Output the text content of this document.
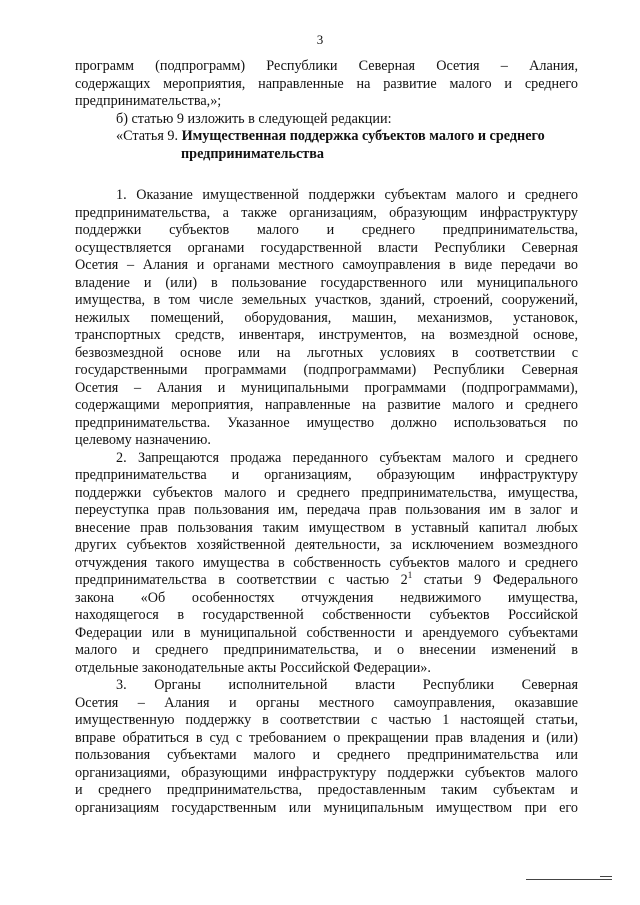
3
программ (подпрограмм) Республики Северная Осетия – Алания,
содержащих мероприятия, направленные на развитие малого и среднего
предпринимательства,»;
б) статью 9 изложить в следующей редакции:
«Статья 9. Имущественная поддержка субъектов малого и среднего
предпринимательства
1. Оказание имущественной поддержки субъектам малого и среднего
предпринимательства, а также организациям, образующим инфраструктуру
поддержки субъектов малого и среднего предпринимательства,
осуществляется органами государственной власти Республики Северная
Осетия – Алания и органами местного самоуправления в виде передачи во
владение и (или) в пользование государственного или муниципального
имущества, в том числе земельных участков, зданий, строений, сооружений,
нежилых помещений, оборудования, машин, механизмов, установок,
транспортных средств, инвентаря, инструментов, на возмездной основе,
безвозмездной основе или на льготных условиях в соответствии с
государственными программами (подпрограммами) Республики Северная
Осетия – Алания и муниципальными программами (подпрограммами),
содержащими мероприятия, направленные на развитие малого и среднего
предпринимательства. Указанное имущество должно использоваться по
целевому назначению.
2. Запрещаются продажа переданного субъектам малого и среднего
предпринимательства и организациям, образующим инфраструктуру
поддержки субъектов малого и среднего предпринимательства, имущества,
переуступка прав пользования им, передача прав пользования им в залог и
внесение прав пользования таким имуществом в уставный капитал любых
других субъектов хозяйственной деятельности, за исключением возмездного
отчуждения такого имущества в собственность субъектов малого и среднего
предпринимательства в соответствии с частью $2^1$ статьи 9 Федерального
закона «Об особенностях отчуждения недвижимого имущества,
находящегося в государственной собственности субъектов Российской
Федерации или в муниципальной собственности и арендуемого субъектами
малого и среднего предпринимательства, и о внесении изменений в
отдельные законодательные акты Российской Федерации».
3. Органы исполнительной власти Республики Северная
Осетия – Алания и органы местного самоуправления, оказавшие
имущественную поддержку в соответствии с частью 1 настоящей статьи,
вправе обратиться в суд с требованием о прекращении прав владения и (или)
пользования субъектами малого и среднего предпринимательства или
организациями, образующими инфраструктуру поддержки субъектов малого
и среднего предпринимательства, предоставленным таким субъектам и
организациям государственным или муниципальным имуществом при его
